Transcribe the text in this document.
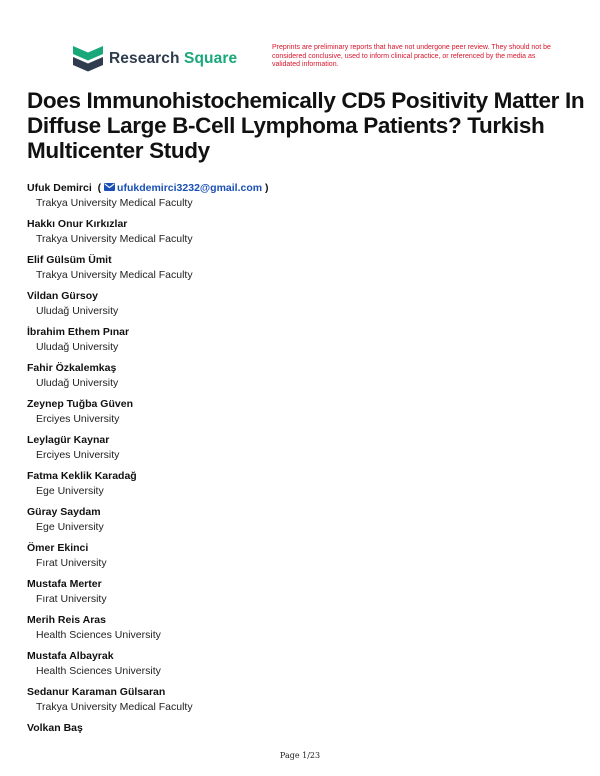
Research Square
Preprints are preliminary reports that have not undergone peer review. They should not be considered conclusive, used to inform clinical practice, or referenced by the media as validated information.
Does Immunohistochemically CD5 Positivity Matter In Diffuse Large B-Cell Lymphoma Patients? Turkish Multicenter Study
Ufuk Demirci ( ufukdemirci3232@gmail.com )
Trakya University Medical Faculty
Hakkı Onur Kırkızlar
Trakya University Medical Faculty
Elif Gülsüm Ümit
Trakya University Medical Faculty
Vildan Gürsoy
Uludağ University
İbrahim Ethem Pınar
Uludağ University
Fahir Özkalemkaş
Uludağ University
Zeynep Tuğba Güven
Erciyes University
Leylagür Kaynar
Erciyes University
Fatma Keklik Karadağ
Ege University
Güray Saydam
Ege University
Ömer Ekinci
Fırat University
Mustafa Merter
Fırat University
Merih Reis Aras
Health Sciences University
Mustafa Albayrak
Health Sciences University
Sedanur Karaman Gülsaran
Trakya University Medical Faculty
Volkan Baş
Page 1/23
